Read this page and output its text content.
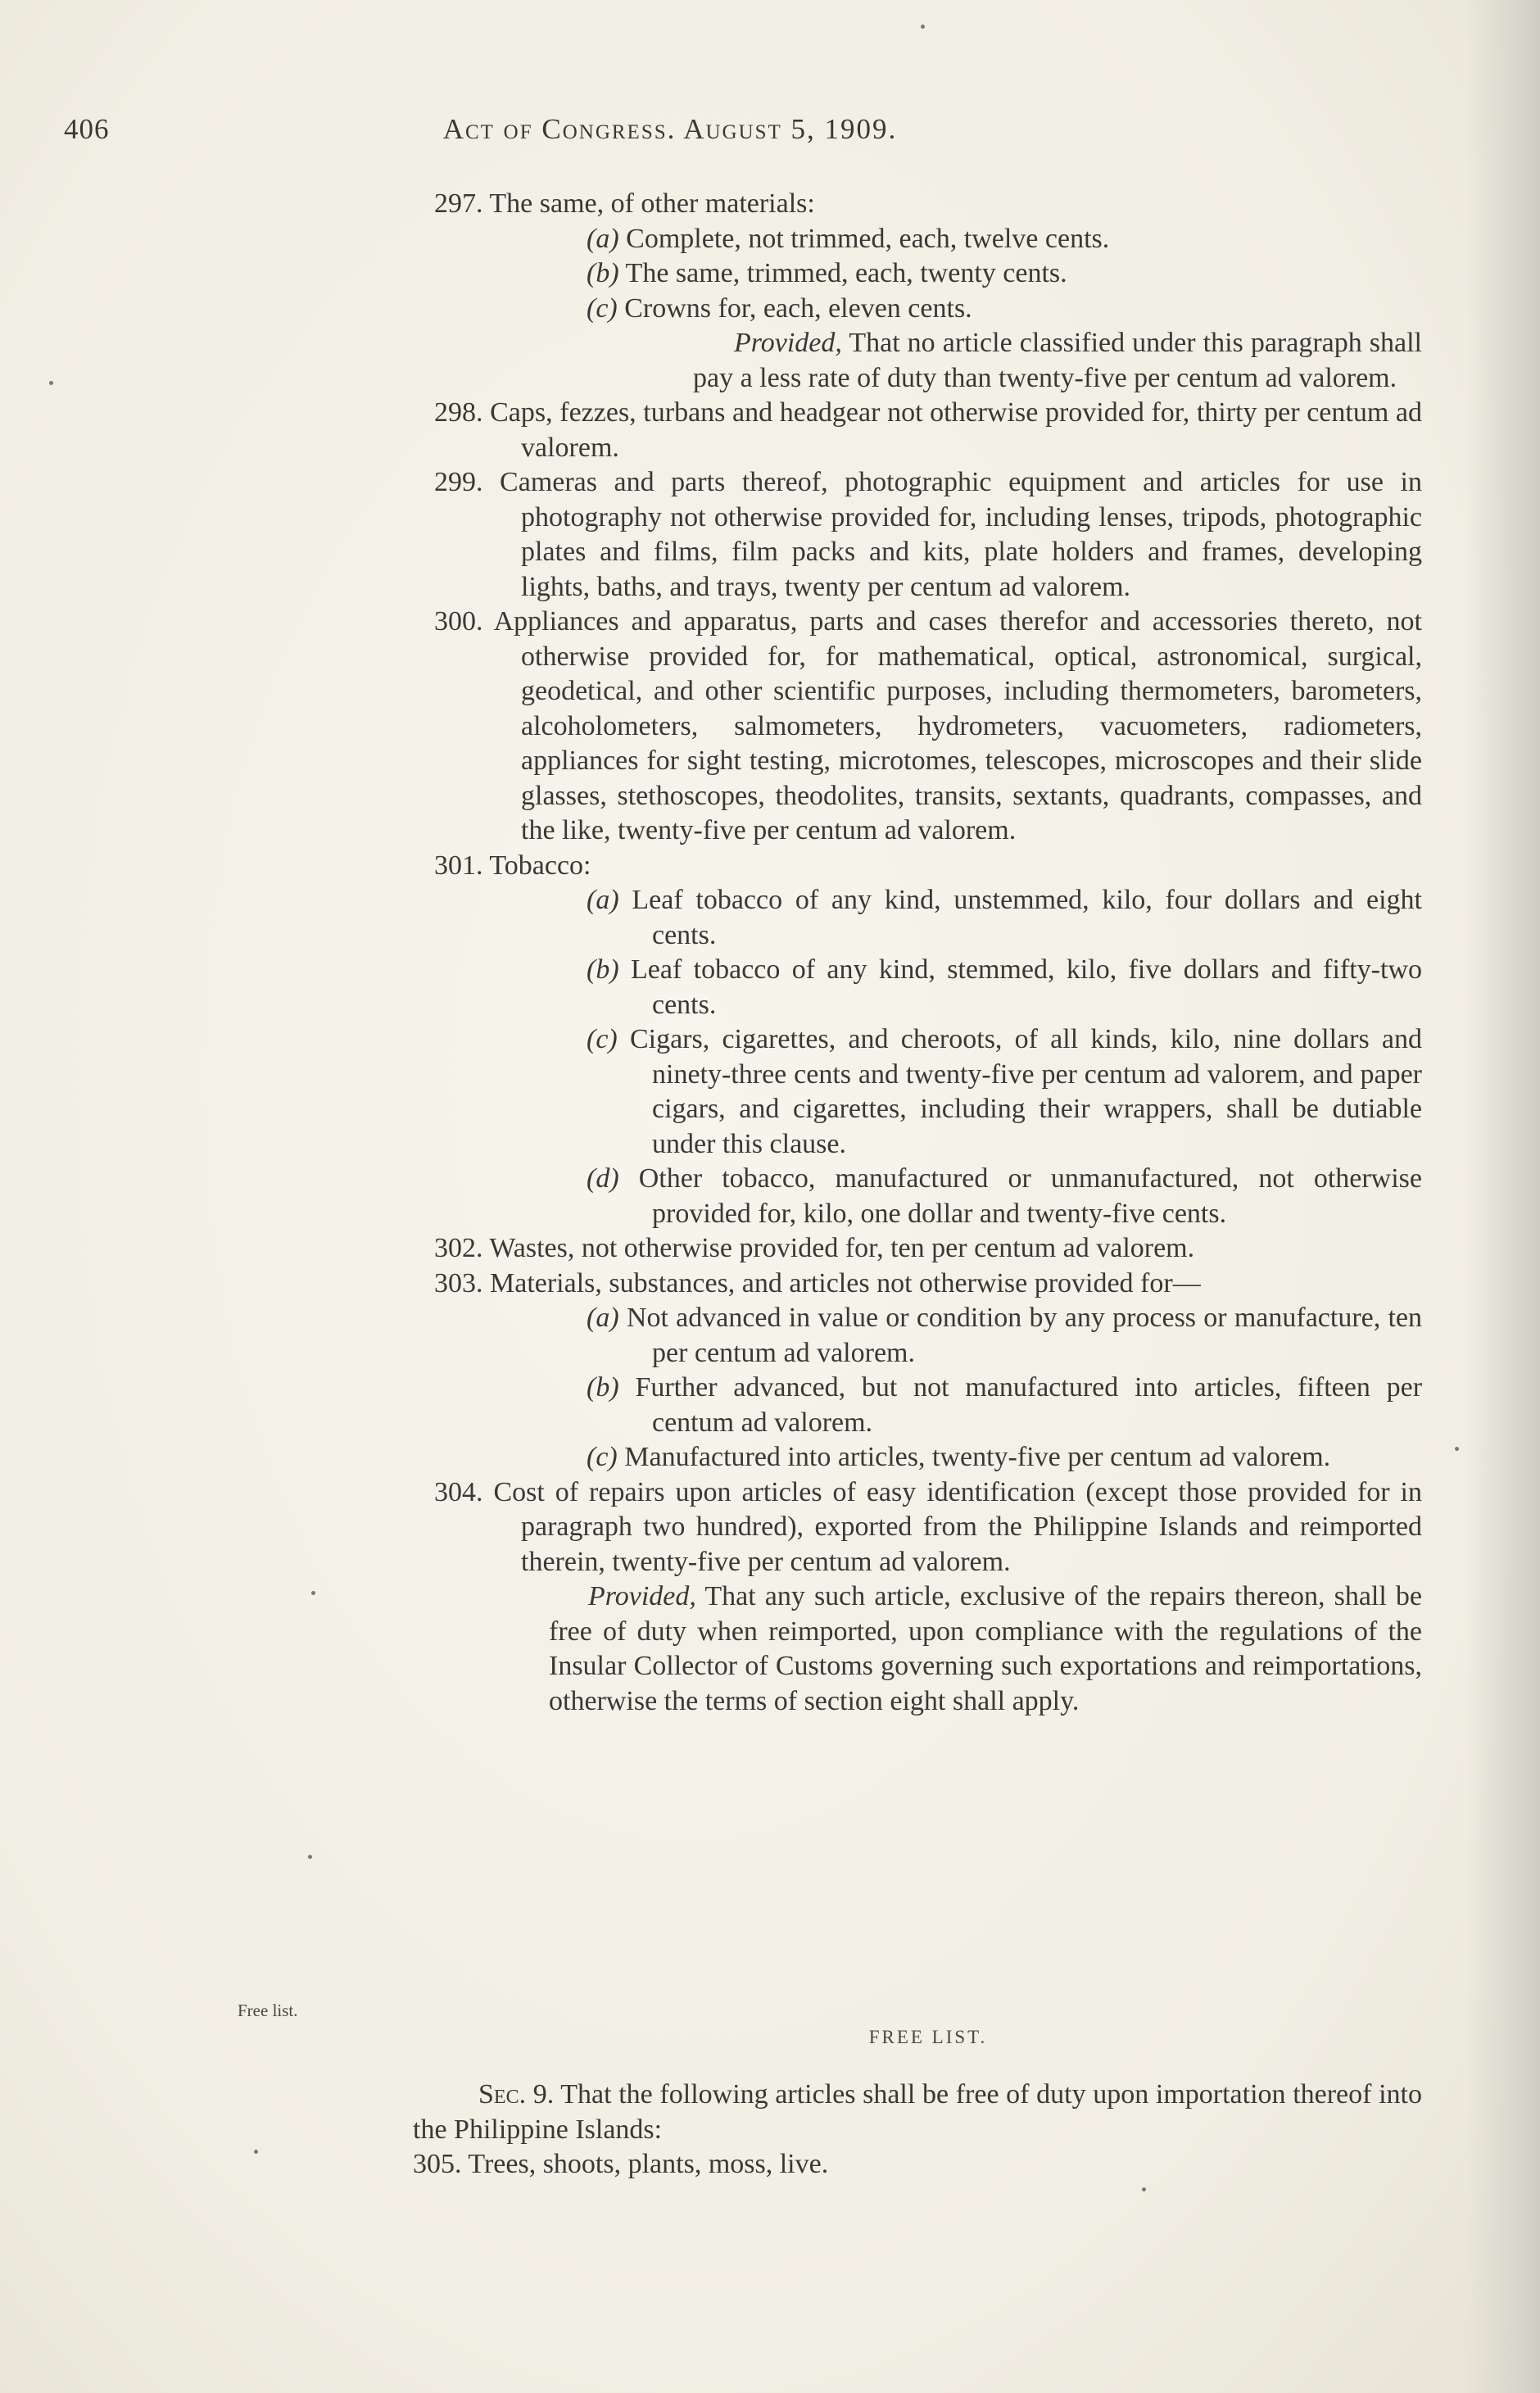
406	Act of Congress. August 5, 1909.
297. The same, of other materials:
(a) Complete, not trimmed, each, twelve cents.
(b) The same, trimmed, each, twenty cents.
(c) Crowns for, each, eleven cents.
Provided, That no article classified under this paragraph shall pay a less rate of duty than twenty-five per centum ad valorem.
298. Caps, fezzes, turbans and headgear not otherwise provided for, thirty per centum ad valorem.
299. Cameras and parts thereof, photographic equipment and articles for use in photography not otherwise provided for, including lenses, tripods, photographic plates and films, film packs and kits, plate holders and frames, developing lights, baths, and trays, twenty per centum ad valorem.
300. Appliances and apparatus, parts and cases therefor and accessories thereto, not otherwise provided for, for mathematical, optical, astronomical, surgical, geodetical, and other scientific purposes, including thermometers, barometers, alcoholometers, salmometers, hydrometers, vacuometers, radiometers, appliances for sight testing, microtomes, telescopes, microscopes and their slide glasses, stethoscopes, theodolites, transits, sextants, quadrants, compasses, and the like, twenty-five per centum ad valorem.
301. Tobacco:
(a) Leaf tobacco of any kind, unstemmed, kilo, four dollars and eight cents.
(b) Leaf tobacco of any kind, stemmed, kilo, five dollars and fifty-two cents.
(c) Cigars, cigarettes, and cheroots, of all kinds, kilo, nine dollars and ninety-three cents and twenty-five per centum ad valorem, and paper cigars, and cigarettes, including their wrappers, shall be dutiable under this clause.
(d) Other tobacco, manufactured or unmanufactured, not otherwise provided for, kilo, one dollar and twenty-five cents.
302. Wastes, not otherwise provided for, ten per centum ad valorem.
303. Materials, substances, and articles not otherwise provided for—
(a) Not advanced in value or condition by any process or manufacture, ten per centum ad valorem.
(b) Further advanced, but not manufactured into articles, fifteen per centum ad valorem.
(c) Manufactured into articles, twenty-five per centum ad valorem.
304. Cost of repairs upon articles of easy identification (except those provided for in paragraph two hundred), exported from the Philippine Islands and reimported therein, twenty-five per centum ad valorem.
Provided, That any such article, exclusive of the repairs thereon, shall be free of duty when reimported, upon compliance with the regulations of the Insular Collector of Customs governing such exportations and reimportations, otherwise the terms of section eight shall apply.
Free list.
FREE LIST.
Sec. 9. That the following articles shall be free of duty upon importation thereof into the Philippine Islands:
305. Trees, shoots, plants, moss, live.
